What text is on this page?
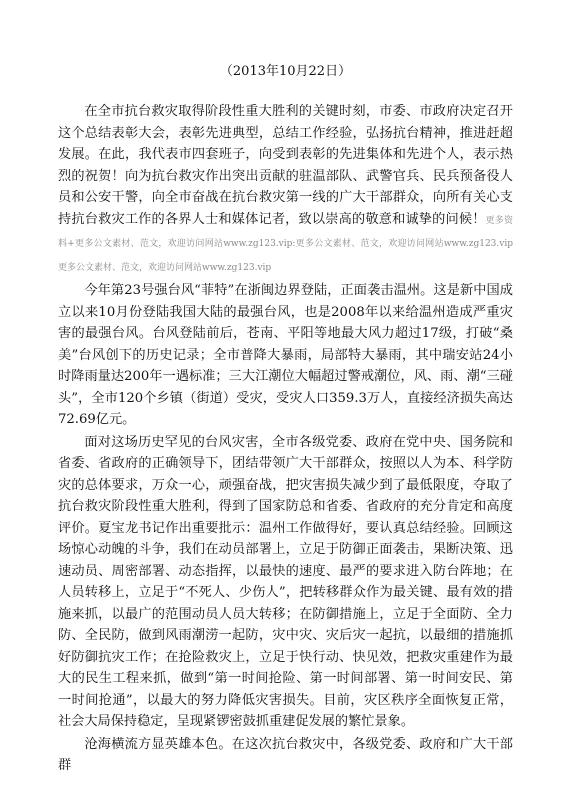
（2013年10月22日）

在全市抗台救灾取得阶段性重大胜利的关键时刻，市委、市政府决定召开这个总结表彰大会，表彰先进典型，总结工作经验，弘扬抗台精神，推进赶超发展。在此，我代表市四套班子，向受到表彰的先进集体和先进个人，表示热烈的祝贺！向为抗台救灾作出突出贡献的驻温部队、武警官兵、民兵预备役人员和公安干警，向全市奋战在抗台救灾第一线的广大干部群众，向所有关心支持抗台救灾工作的各界人士和媒体记者，致以崇高的敬意和诚挚的问候！更多资料+更多公文素材、范文，欢迎访问网站www.zg123.vip:更多公文素材、范文，欢迎访问网站www.zg123.vip 更多公文素材、范文，欢迎访问网站www.zg123.vip

今年第23号强台风“菲特”在浙闽边界登陆，正面袭击温州。这是新中国成立以来10月份登陆我国大陆的最强台风，也是2008年以来给温州造成严重灾害的最强台风。台风登陆前后，苍南、平阳等地最大风力超过17级，打破“桑美”台风创下的历史记录；全市普降大暴雨，局部特大暴雨，其中瑞安站24小时降雨量达200年一遇标准；三大江潮位大幅超过警戒潮位，风、雨、潮“三碰头”，全市120个乡镇（街道）受灾，受灾人口359.3万人，直接经济损失高达72.69亿元。

面对这场历史罕见的台风灾害，全市各级党委、政府在党中央、国务院和省委、省政府的正确领导下，团结带领广大干部群众，按照以人为本、科学防灾的总体要求，万众一心，顽强奋战，把灾害损失减少到了最低限度，夺取了抗台救灾阶段性重大胜利，得到了国家防总和省委、省政府的充分肯定和高度评价。夏宝龙书记作出重要批示：温州工作做得好，要认真总结经验。回顾这场惊心动魄的斗争，我们在动员部署上，立足于防御正面袭击，果断决策、迅速动员、周密部署、动态指挥，以最快的速度、最严的要求进入防台阵地；在人员转移上，立足于“不死人、少伤人”，把转移群众作为最关键、最有效的措施来抓，以最广的范围动员人员大转移；在防御措施上，立足于全面防、全力防、全民防，做到风雨潮涝一起防，灾中灾、灾后灾一起抗，以最细的措施抓好防御抗灾工作；在抢险救灾上，立足于快行动、快见效，把救灾重建作为最大的民生工程来抓，做到“第一时间抢险、第一时间部署、第一时间安民、第一时间抢通”，以最大的努力降低灾害损失。目前，灾区秩序全面恢复正常，社会大局保持稳定，呈现紧锣密鼓抓重建促发展的繁忙景象。

沧海横流方显英雄本色。在这次抗台救灾中，各级党委、政府和广大干部群
